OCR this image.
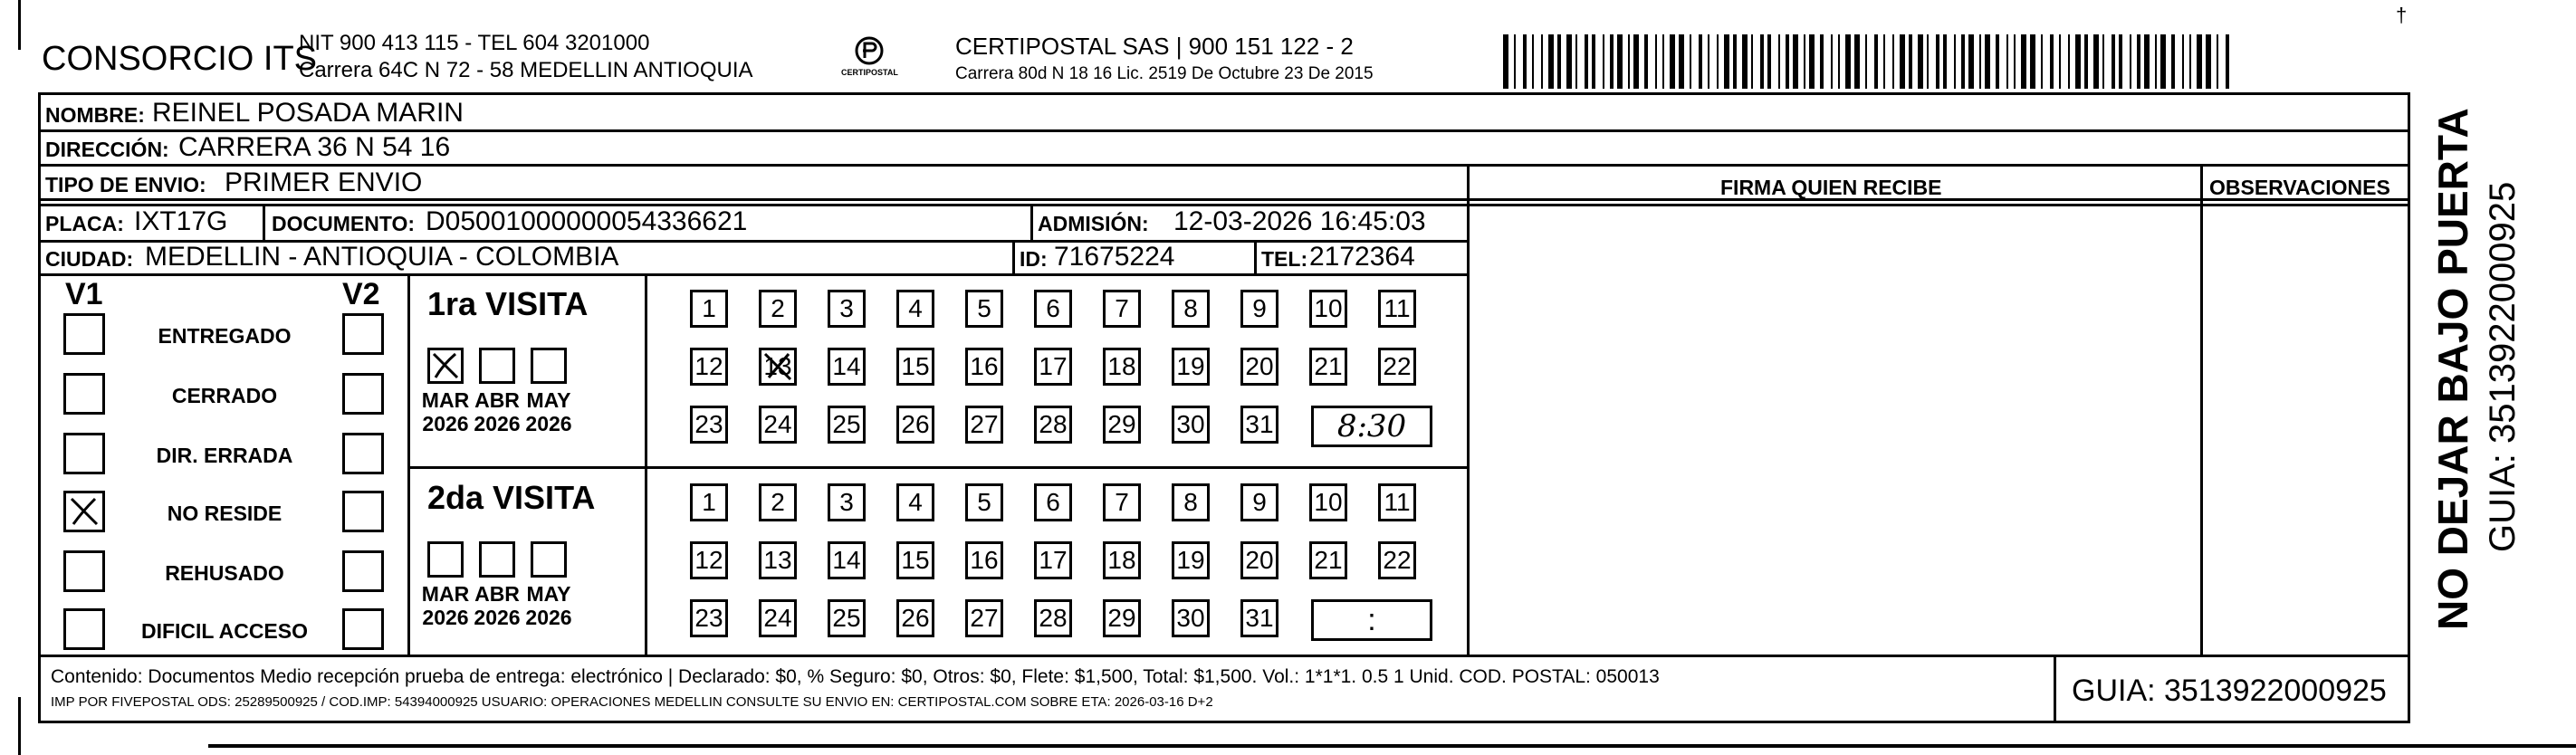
CONSORCIO ITS
NIT 900 413 115 - TEL 604 3201000
Carrera 64C N 72 - 58 MEDELLIN ANTIOQUIA	CERTIPOSTAL
CERTIPOSTAL SAS | 900 151 122 - 2
Carrera 80d N 18 16 Lic. 2519 De Octubre 23 De 2015
†
FIRMA QUIEN RECIBE	OBSERVACIONES
NOMBRE: REINEL POSADA MARIN
DIRECCIÓN: CARRERA 36 N 54 16
TIPO DE ENVIO: PRIMER ENVIO
PLACA: IXT17G DOCUMENTO: D05001000000054336621	ADMISIÓN: 12-03-2026 16:45:03
CIUDAD: MEDELLIN - ANTIOQUIA - COLOMBIA	ID: 71675224	TEL: 2172364
V1	V2
ENTREGADO
CERRADO
DIR. ERRADA
NO RESIDE
REHUSADO
DIFICIL ACCESO
1ra VISITA
MAR
2026
ABR
2026
MAY
2026
1 2 3 4 5 6 7 8 9 10 11
12 13 14 15 16 17 18 19 20 21 22
23 24 25 26 27 28 29 30 31 8:30
2da VISITA
MAR
2026
ABR
2026
MAY
2026
1 2 3 4 5 6 7 8 9 10 11
12 13 14 15 16 17 18 19 20 21 22
23 24 25 26 27 28 29 30 31	:
Contenido: Documentos Medio recepción prueba de entrega: electrónico | Declarado: $0, % Seguro: $0, Otros: $0, Flete: $1,500, Total: $1,500. Vol.: 1*1*1. 0.5 1 Unid. COD. POSTAL: 050013
IMP POR FIVEPOSTAL ODS: 25289500925 / COD.IMP: 54394000925 USUARIO: OPERACIONES MEDELLIN CONSULTE SU ENVIO EN: CERTIPOSTAL.COM SOBRE ETA: 2026-03-16 D+2	GUIA: 3513922000925
NO DEJAR BAJO PUERTA GUIA: 3513922000925
